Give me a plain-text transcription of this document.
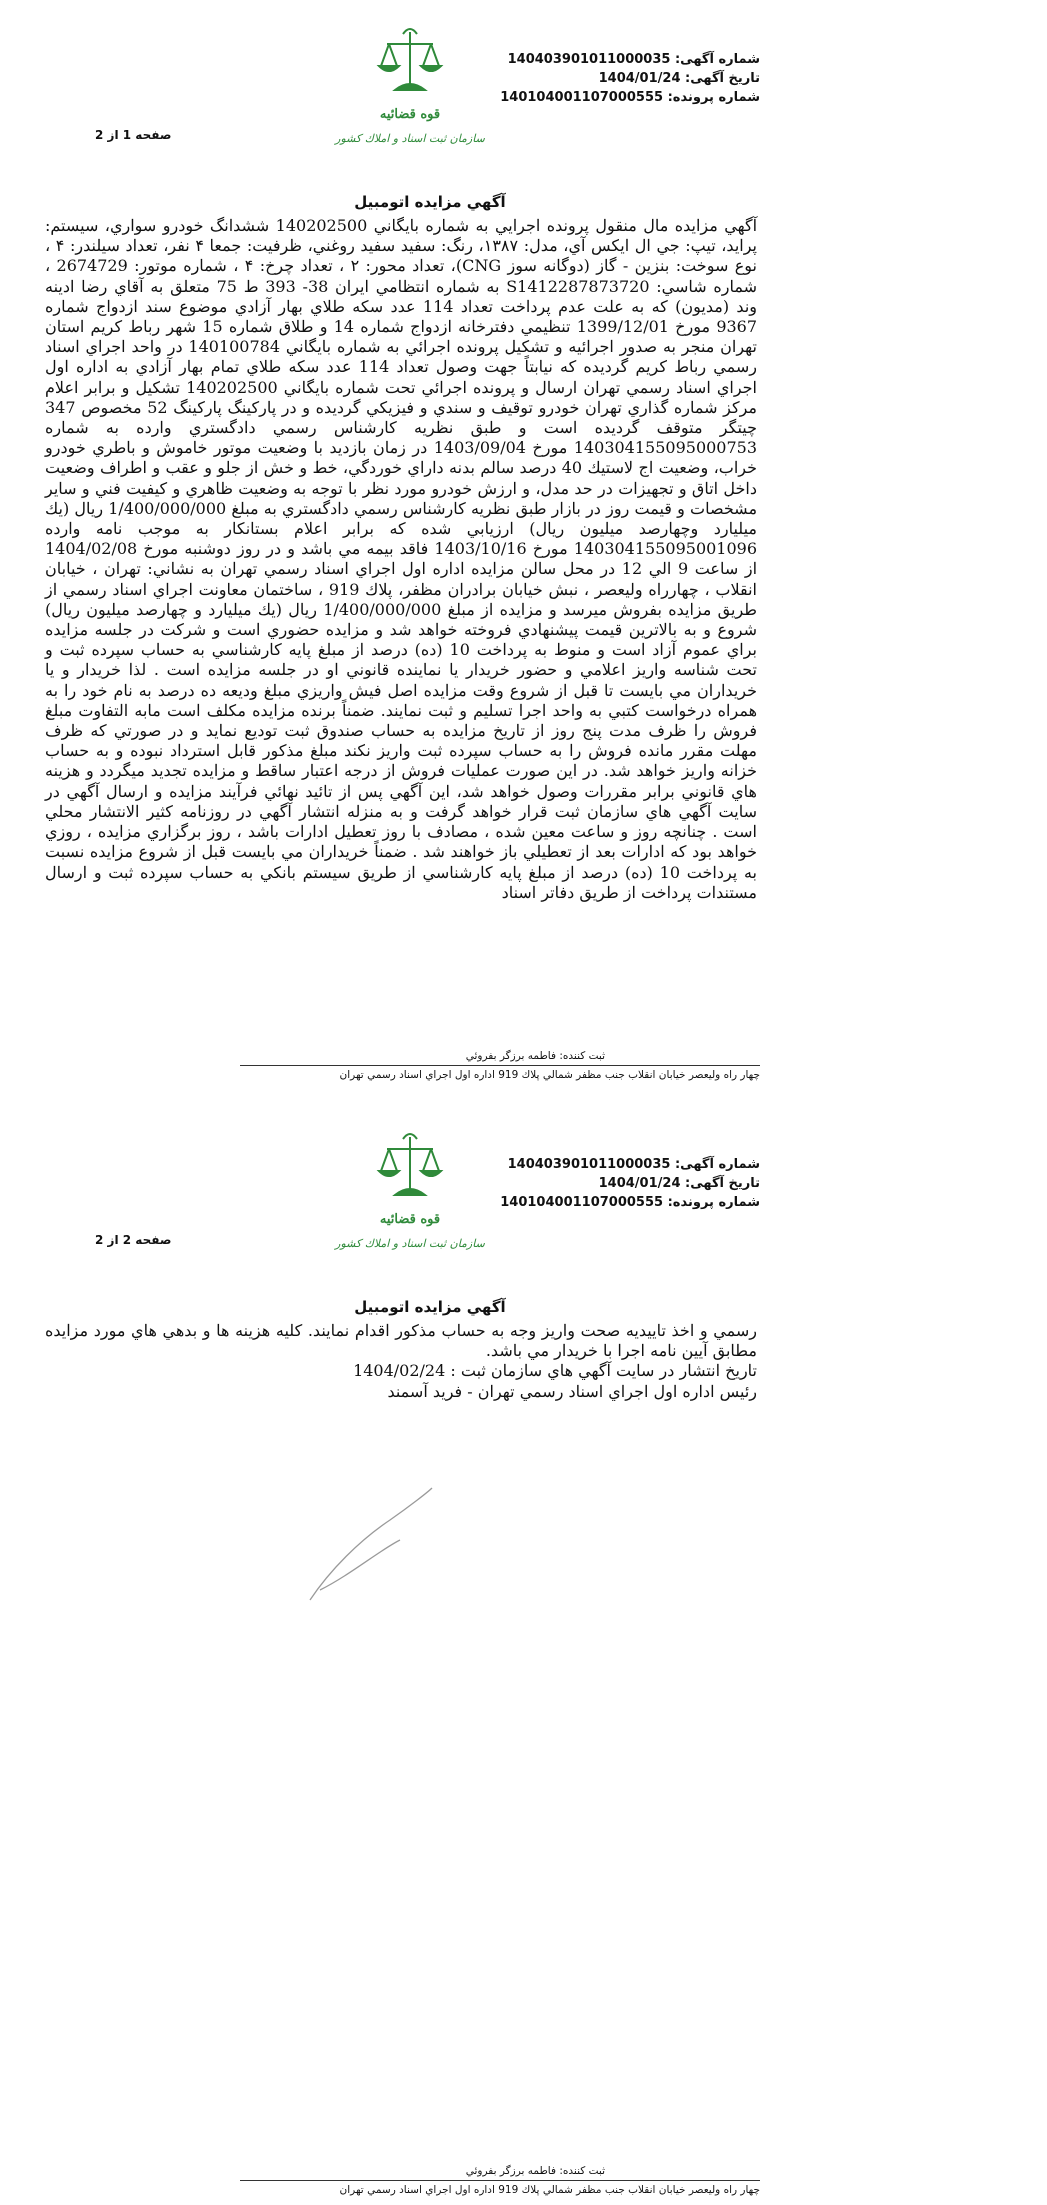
قوه قضائيه
سازمان ثبت اسناد و املاك كشور
شماره آگهی: 140403901011000035
تاریخ آگهی: 1404/01/24
شماره پرونده: 140104001107000555
صفحه 1 از 2
آگهي مزايده اتومبيل

آگهي مزايده مال منقول پرونده اجرايي به شماره بايگاني 140202500 ششدانگ خودرو سواري، سيستم: پرايد، تيپ: جي ال ايكس آي، مدل: ۱۳۸۷، رنگ: سفيد سفيد روغني، ظرفيت: جمعا ۴ نفر، تعداد سيلندر: ۴ ، نوع سوخت: بنزين - گاز (دوگانه سوز CNG)، تعداد محور: ۲ ، تعداد چرخ: ۴ ، شماره موتور: 2674729 ، شماره شاسي: S1412287873720 به شماره انتظامي ايران 38- 393 ط 75 متعلق به آقاي رضا ادينه وند (مديون) كه به علت عدم پرداخت تعداد 114 عدد سكه طلاي بهار آزادي موضوع سند ازدواج شماره 9367 مورخ 1399/12/01 تنظيمي دفترخانه ازدواج شماره 14 و طلاق شماره 15 شهر رباط كريم استان تهران منجر به صدور اجرائيه و تشكيل پرونده اجرائي به شماره بايگاني 140100784 در واحد اجراي اسناد رسمي رباط كريم گرديده كه نيابتاً جهت وصول تعداد 114 عدد سكه طلاي تمام بهار آزادي به اداره اول اجراي اسناد رسمي تهران ارسال و پرونده اجرائي تحت شماره بايگاني 140202500 تشكيل و برابر اعلام مركز شماره گذاري تهران خودرو توقيف و سندي و فيزيكي گرديده و در پاركينگ پاركينگ 52 مخصوص 347 چيتگر متوقف گرديده است و طبق نظريه كارشناس رسمي دادگستري وارده به شماره 140304155095000753 مورخ 1403/09/04 در زمان بازديد با وضعيت موتور خاموش و باطري خودرو خراب، وضعيت اج لاستيك 40 درصد سالم بدنه داراي خوردگي، خط و خش از جلو و عقب و اطراف وضعيت داخل اتاق و تجهيزات در حد مدل، و ارزش خودرو مورد نظر با توجه به وضعيت ظاهري و كيفيت فني و ساير مشخصات و قيمت روز در بازار طبق نظريه كارشناس رسمي دادگستري به مبلغ 1/400/000/000 ريال (يك ميليارد وچهارصد ميليون ريال) ارزيابي شده كه برابر اعلام بستانكار به موجب نامه وارده 140304155095001096 مورخ 1403/10/16 فاقد بيمه مي باشد و در روز دوشنبه مورخ 1404/02/08 از ساعت 9 الي 12 در محل سالن مزايده اداره اول اجراي اسناد رسمي تهران به نشاني: تهران ، خيابان انقلاب ، چهارراه وليعصر ، نبش خيابان برادران مظفر، پلاك 919 ، ساختمان معاونت اجراي اسناد رسمي از طريق مزايده بفروش ميرسد و مزايده از مبلغ 1/400/000/000 ريال (يك ميليارد و چهارصد ميليون ريال) شروع و به بالاترين قيمت پيشنهادي فروخته خواهد شد و مزايده حضوري است و شركت در جلسه مزايده براي عموم آزاد است و منوط به پرداخت 10 (ده) درصد از مبلغ پايه كارشناسي به حساب سپرده ثبت و تحت شناسه واريز اعلامي و حضور خريدار يا نماينده قانوني او در جلسه مزايده است . لذا خريدار و يا خريداران مي بايست تا قبل از شروع وقت مزايده اصل فيش واريزي مبلغ وديعه ده درصد به نام خود را به همراه درخواست كتبي به واحد اجرا تسليم و ثبت نمايند. ضمناً برنده مزايده مكلف است مابه التفاوت مبلغ فروش را ظرف مدت پنج روز از تاريخ مزايده به حساب صندوق ثبت توديع نمايد و در صورتي كه ظرف مهلت مقرر مانده فروش را به حساب سپرده ثبت واريز نكند مبلغ مذكور قابل استرداد نبوده و به حساب خزانه واريز خواهد شد. در اين صورت عمليات فروش از درجه اعتبار ساقط و مزايده تجديد ميگردد و هزينه هاي قانوني برابر مقررات وصول خواهد شد، اين آگهي پس از تائيد نهائي فرآيند مزايده و ارسال آگهي در سايت آگهي هاي سازمان ثبت قرار خواهد گرفت و به منزله انتشار آگهي در روزنامه كثير الانتشار محلي است . چنانچه روز و ساعت معين شده ، مصادف با روز تعطيل ادارات باشد ، روز برگزاري مزايده ، روزي خواهد بود كه ادارات بعد از تعطيلي باز خواهند شد . ضمناً خريداران مي بايست قبل از شروع مزايده نسبت به پرداخت 10 (ده) درصد از مبلغ پايه كارشناسي از طريق سيستم بانكي به حساب سپرده ثبت و ارسال مستندات پرداخت از طريق دفاتر اسناد

ثبت كننده: فاطمه برزگر بفروئي
چهار راه وليعصر خيابان انقلاب جنب مظفر شمالي پلاك 919 اداره اول اجراي اسناد رسمي تهران
قوه قضائيه
سازمان ثبت اسناد و املاك كشور
شماره آگهی: 140403901011000035
تاریخ آگهی: 1404/01/24
شماره پرونده: 140104001107000555
صفحه 2 از 2
آگهي مزايده اتومبيل

رسمي و اخذ تاييديه صحت واريز وجه به حساب مذكور اقدام نمايند. كليه هزينه ها و بدهي هاي مورد مزايده مطابق آيين نامه اجرا با خريدار مي باشد.

تاريخ انتشار در سايت آگهي هاي سازمان ثبت : 1404/02/24

رئيس اداره اول اجراي اسناد رسمي تهران - فريد آسمند

ثبت كننده: فاطمه برزگر بفروئي
چهار راه وليعصر خيابان انقلاب جنب مظفر شمالي پلاك 919 اداره اول اجراي اسناد رسمي تهران
